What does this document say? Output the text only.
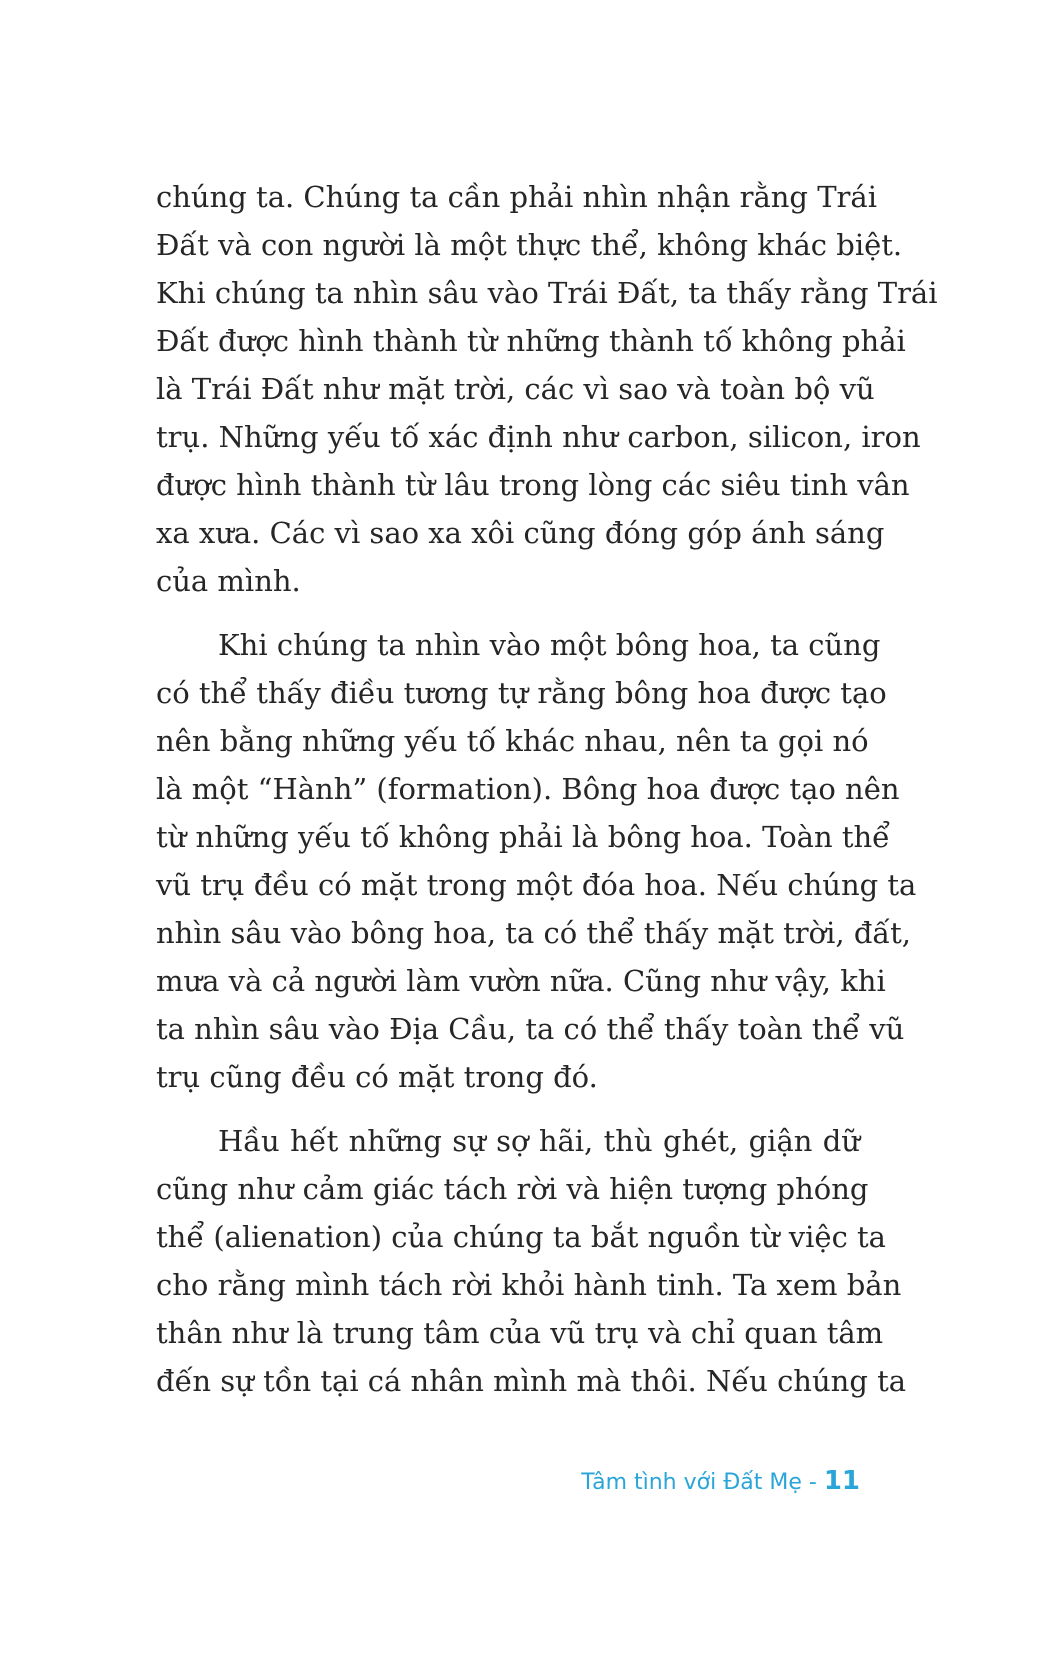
chúng ta. Chúng ta cần phải nhìn nhận rằng Trái
Đất và con người là một thực thể, không khác biệt.
Khi chúng ta nhìn sâu vào Trái Đất, ta thấy rằng Trái
Đất được hình thành từ những thành tố không phải
là Trái Đất như mặt trời, các vì sao và toàn bộ vũ
trụ. Những yếu tố xác định như carbon, silicon, iron
được hình thành từ lâu trong lòng các siêu tinh vân
xa xưa. Các vì sao xa xôi cũng đóng góp ánh sáng
của mình.
Khi chúng ta nhìn vào một bông hoa, ta cũng
có thể thấy điều tương tự rằng bông hoa được tạo
nên bằng những yếu tố khác nhau, nên ta gọi nó
là một “Hành” (formation). Bông hoa được tạo nên
từ những yếu tố không phải là bông hoa. Toàn thể
vũ trụ đều có mặt trong một đóa hoa. Nếu chúng ta
nhìn sâu vào bông hoa, ta có thể thấy mặt trời, đất,
mưa và cả người làm vườn nữa. Cũng như vậy, khi
ta nhìn sâu vào Địa Cầu, ta có thể thấy toàn thể vũ
trụ cũng đều có mặt trong đó.
Hầu hết những sự sợ hãi, thù ghét, giận dữ
cũng như cảm giác tách rời và hiện tượng phóng
thể (alienation) của chúng ta bắt nguồn từ việc ta
cho rằng mình tách rời khỏi hành tinh. Ta xem bản
thân như là trung tâm của vũ trụ và chỉ quan tâm
đến sự tồn tại cá nhân mình mà thôi. Nếu chúng ta
Tâm tình với Đất Mẹ - 11
